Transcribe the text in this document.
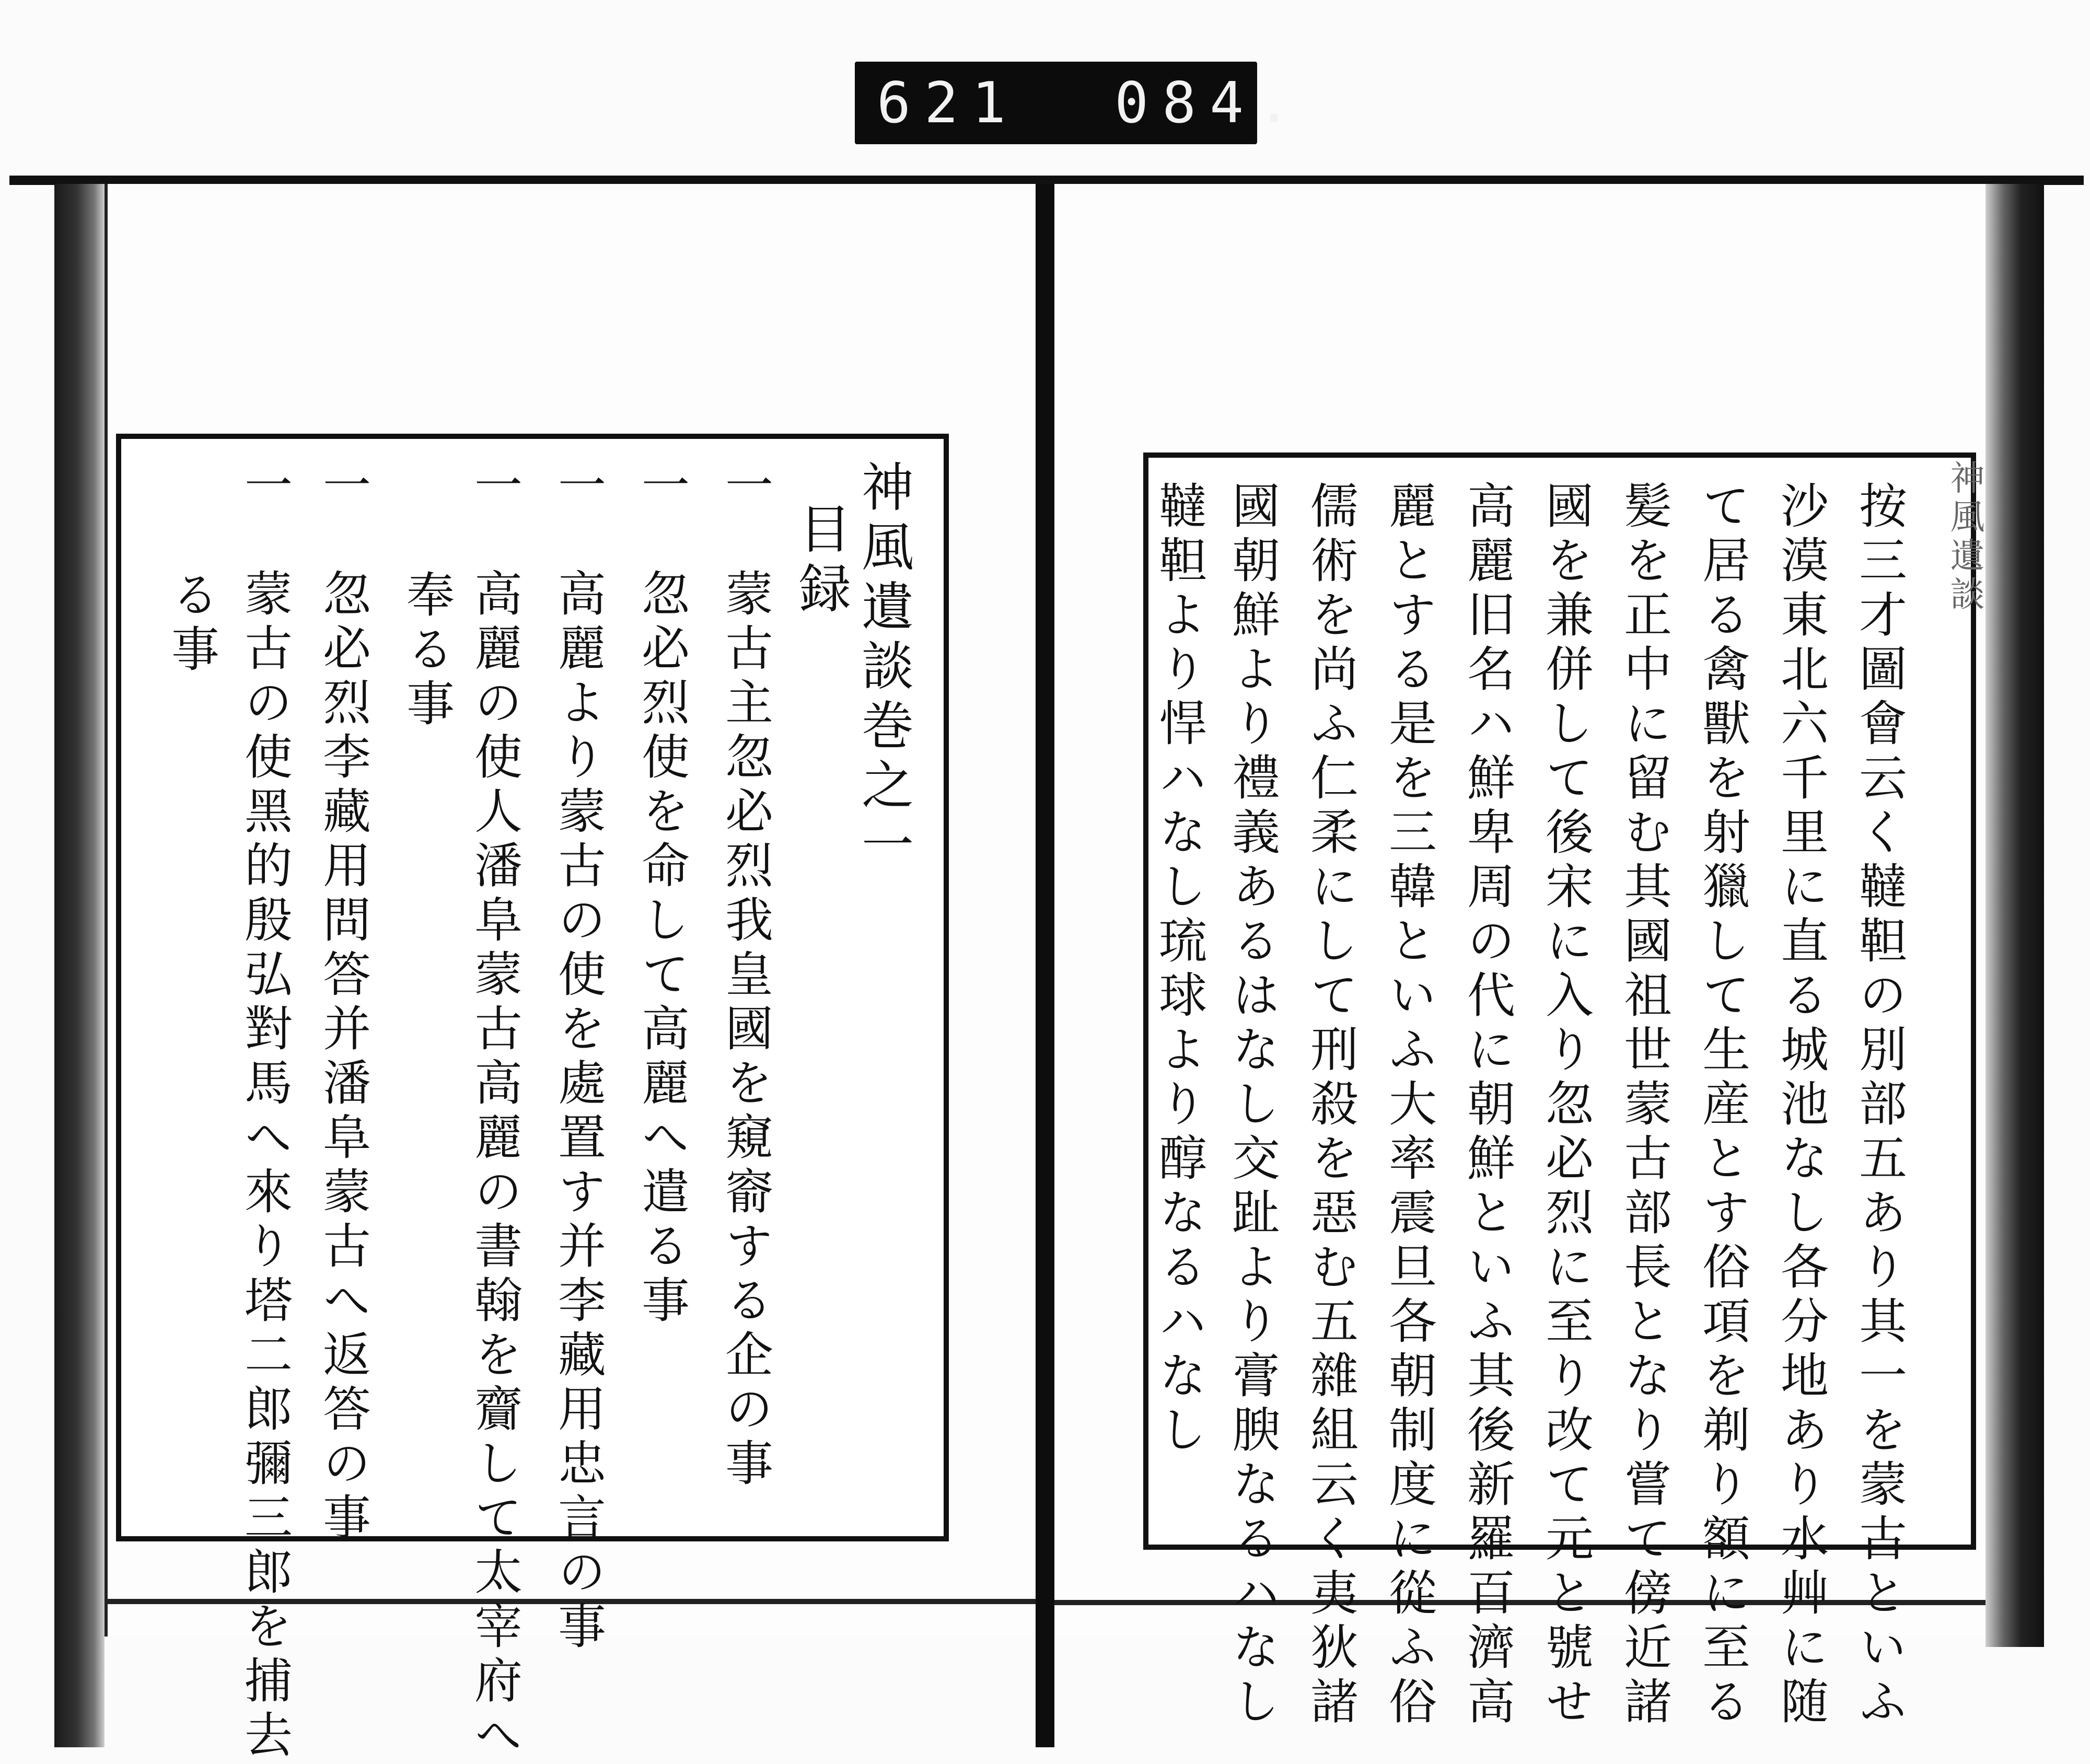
621  084.
神風遺談巻之一
目録
一　蒙古主忽必烈我皇國を窺窬する企の事
一　忽必烈使を命して高麗へ遣る事
一　高麗より蒙古の使を處置す并李藏用忠言の事
一　高麗の使人潘阜蒙古高麗の書翰を齎して太宰府へ
奉る事
一　忽必烈李藏用問答并潘阜蒙古へ返答の事
一　蒙古の使黑的殷弘對馬へ來り塔二郎彌三郎を捕去
る事
神風遺談
按三才圖會云く韃靼の別部五あり其一を蒙古といふ
沙漠東北六千里に直る城池なし各分地あり水艸に随
て居る禽獸を射獵して生産とす俗項を剃り額に至る
髪を正中に留む其國祖世蒙古部長となり嘗て傍近諸
國を兼併して後宋に入り忽必烈に至り改て元と號せ
高麗旧名ハ鮮卑周の代に朝鮮といふ其後新羅百濟高
麗とする是を三韓といふ大率震旦各朝制度に從ふ俗
儒術を尚ふ仁柔にして刑殺を惡む五雜組云く夷狄諸
國朝鮮より禮義あるはなし交趾より膏腴なるハなし
韃靼より悍ハなし琉球より醇なるハなし
